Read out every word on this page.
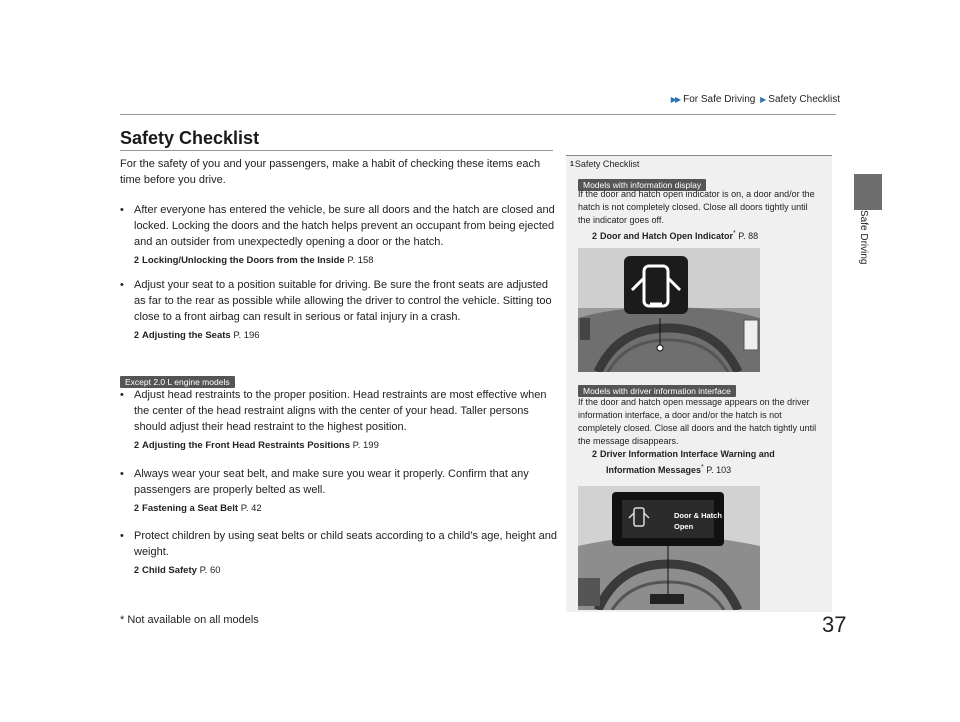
▶▶ For Safe Driving ▶ Safety Checklist
Safe Driving
Safety Checklist
For the safety of you and your passengers, make a habit of checking these items each time before you drive.
• After everyone has entered the vehicle, be sure all doors and the hatch are closed and locked. Locking the doors and the hatch helps prevent an occupant from being ejected and an outsider from unexpectedly opening a door or the hatch.
2 Locking/Unlocking the Doors from the Inside P. 158
• Adjust your seat to a position suitable for driving. Be sure the front seats are adjusted as far to the rear as possible while allowing the driver to control the vehicle. Sitting too close to a front airbag can result in serious or fatal injury in a crash.
2 Adjusting the Seats P. 196
Except 2.0 L engine models
• Adjust head restraints to the proper position. Head restraints are most effective when the center of the head restraint aligns with the center of your head. Taller persons should adjust their head restraint to the highest position.
2 Adjusting the Front Head Restraints Positions P. 199
• Always wear your seat belt, and make sure you wear it properly. Confirm that any passengers are properly belted as well.
2 Fastening a Seat Belt P. 42
• Protect children by using seat belts or child seats according to a child’s age, height and weight.
2 Child Safety P. 60
$^1$Safety Checklist
Models with information display
If the door and hatch open indicator is on, a door and/or the hatch is not completely closed. Close all doors tightly until the indicator goes off.
2 Door and Hatch Open Indicator* P. 88
Models with driver information interface
If the door and hatch open message appears on the driver information interface, a door and/or the hatch is not completely closed. Close all doors and the hatch tightly until the message disappears.
2 Driver Information Interface Warning and
Information Messages* P. 103
Door & Hatch
Open
* Not available on all models	37
